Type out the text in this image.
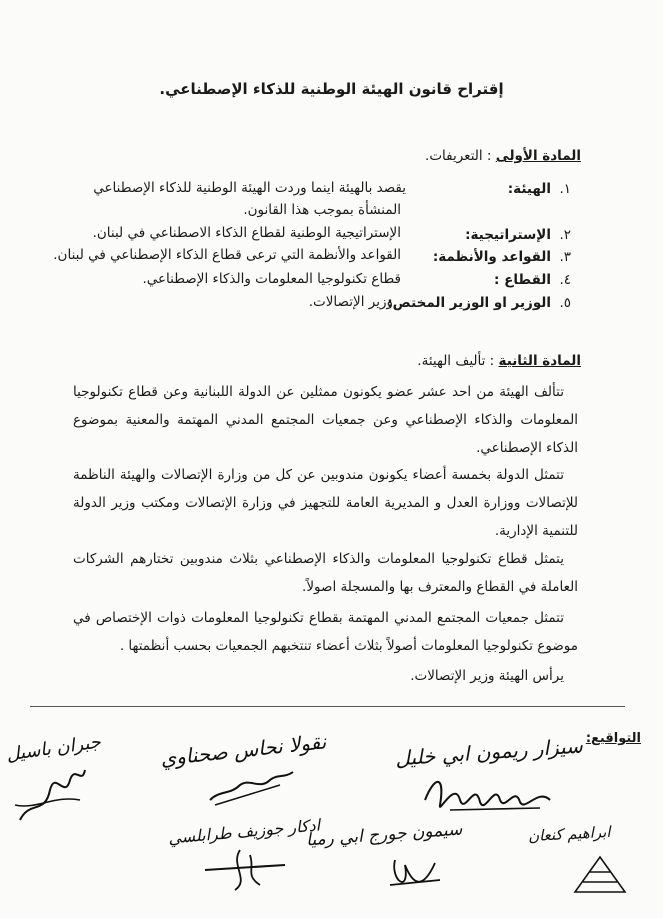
إقتراح قانون الهيئة الوطنية للذكاء الإصطناعي.
المادة الأولى : التعريفات.
١.الهيئة:
يقصد بالهيئة اينما وردت الهيئة الوطنية للذكاء الإصطناعي
المنشأة بموجب هذا القانون.
٢.الإستراتيجية:
الإستراتيجية الوطنية لقطاع الذكاء الاصطناعي في لبنان.
٣.القواعد والأنظمة:
القواعد والأنظمة التي ترعى قطاع الذكاء الإصطناعي في لبنان.
٤.القطاع :
قطاع تكنولوجيا المعلومات والذكاء الإصطناعي.
٥.الوزير او الوزير المختص:
وزير الإتصالات.
المادة الثانية : تأليف الهيئة.
تتألف الهيئة من احد عشر عضو يكونون ممثلين عن الدولة اللبنانية وعن قطاع تكنولوجيا المعلومات والذكاء الإصطناعي وعن جمعيات المجتمع المدني المهتمة والمعنية بموضوع الذكاء الإصطناعي.
تتمثل الدولة بخمسة أعضاء يكونون مندوبين عن كل من وزارة الإتصالات والهيئة الناظمة للإتصالات ووزارة العدل و المديرية العامة للتجهيز في وزارة الإتصالات ومكتب وزير الدولة للتنمية الإدارية.
يتمثل قطاع تكنولوجيا المعلومات والذكاء الإصطناعي بثلاث مندوبين تختارهم الشركات العاملة في القطاع والمعترف بها والمسجلة اصولاً.
تتمثل جمعيات المجتمع المدني المهتمة بقطاع تكنولوجيا المعلومات ذوات الإختصاص في موضوع تكنولوجيا المعلومات أصولاً بثلاث أعضاء تنتخبهم الجمعيات بحسب أنظمتها .
يرأس الهيئة وزير الإتصالات.
التواقيع:
سيزار ريمون ابي خليل
نقولا نحاس صحناوي
جبران باسيل
ادكار جوزيف طرابلسي
سيمون جورج ابي رميا	ابراهيم كنعان
